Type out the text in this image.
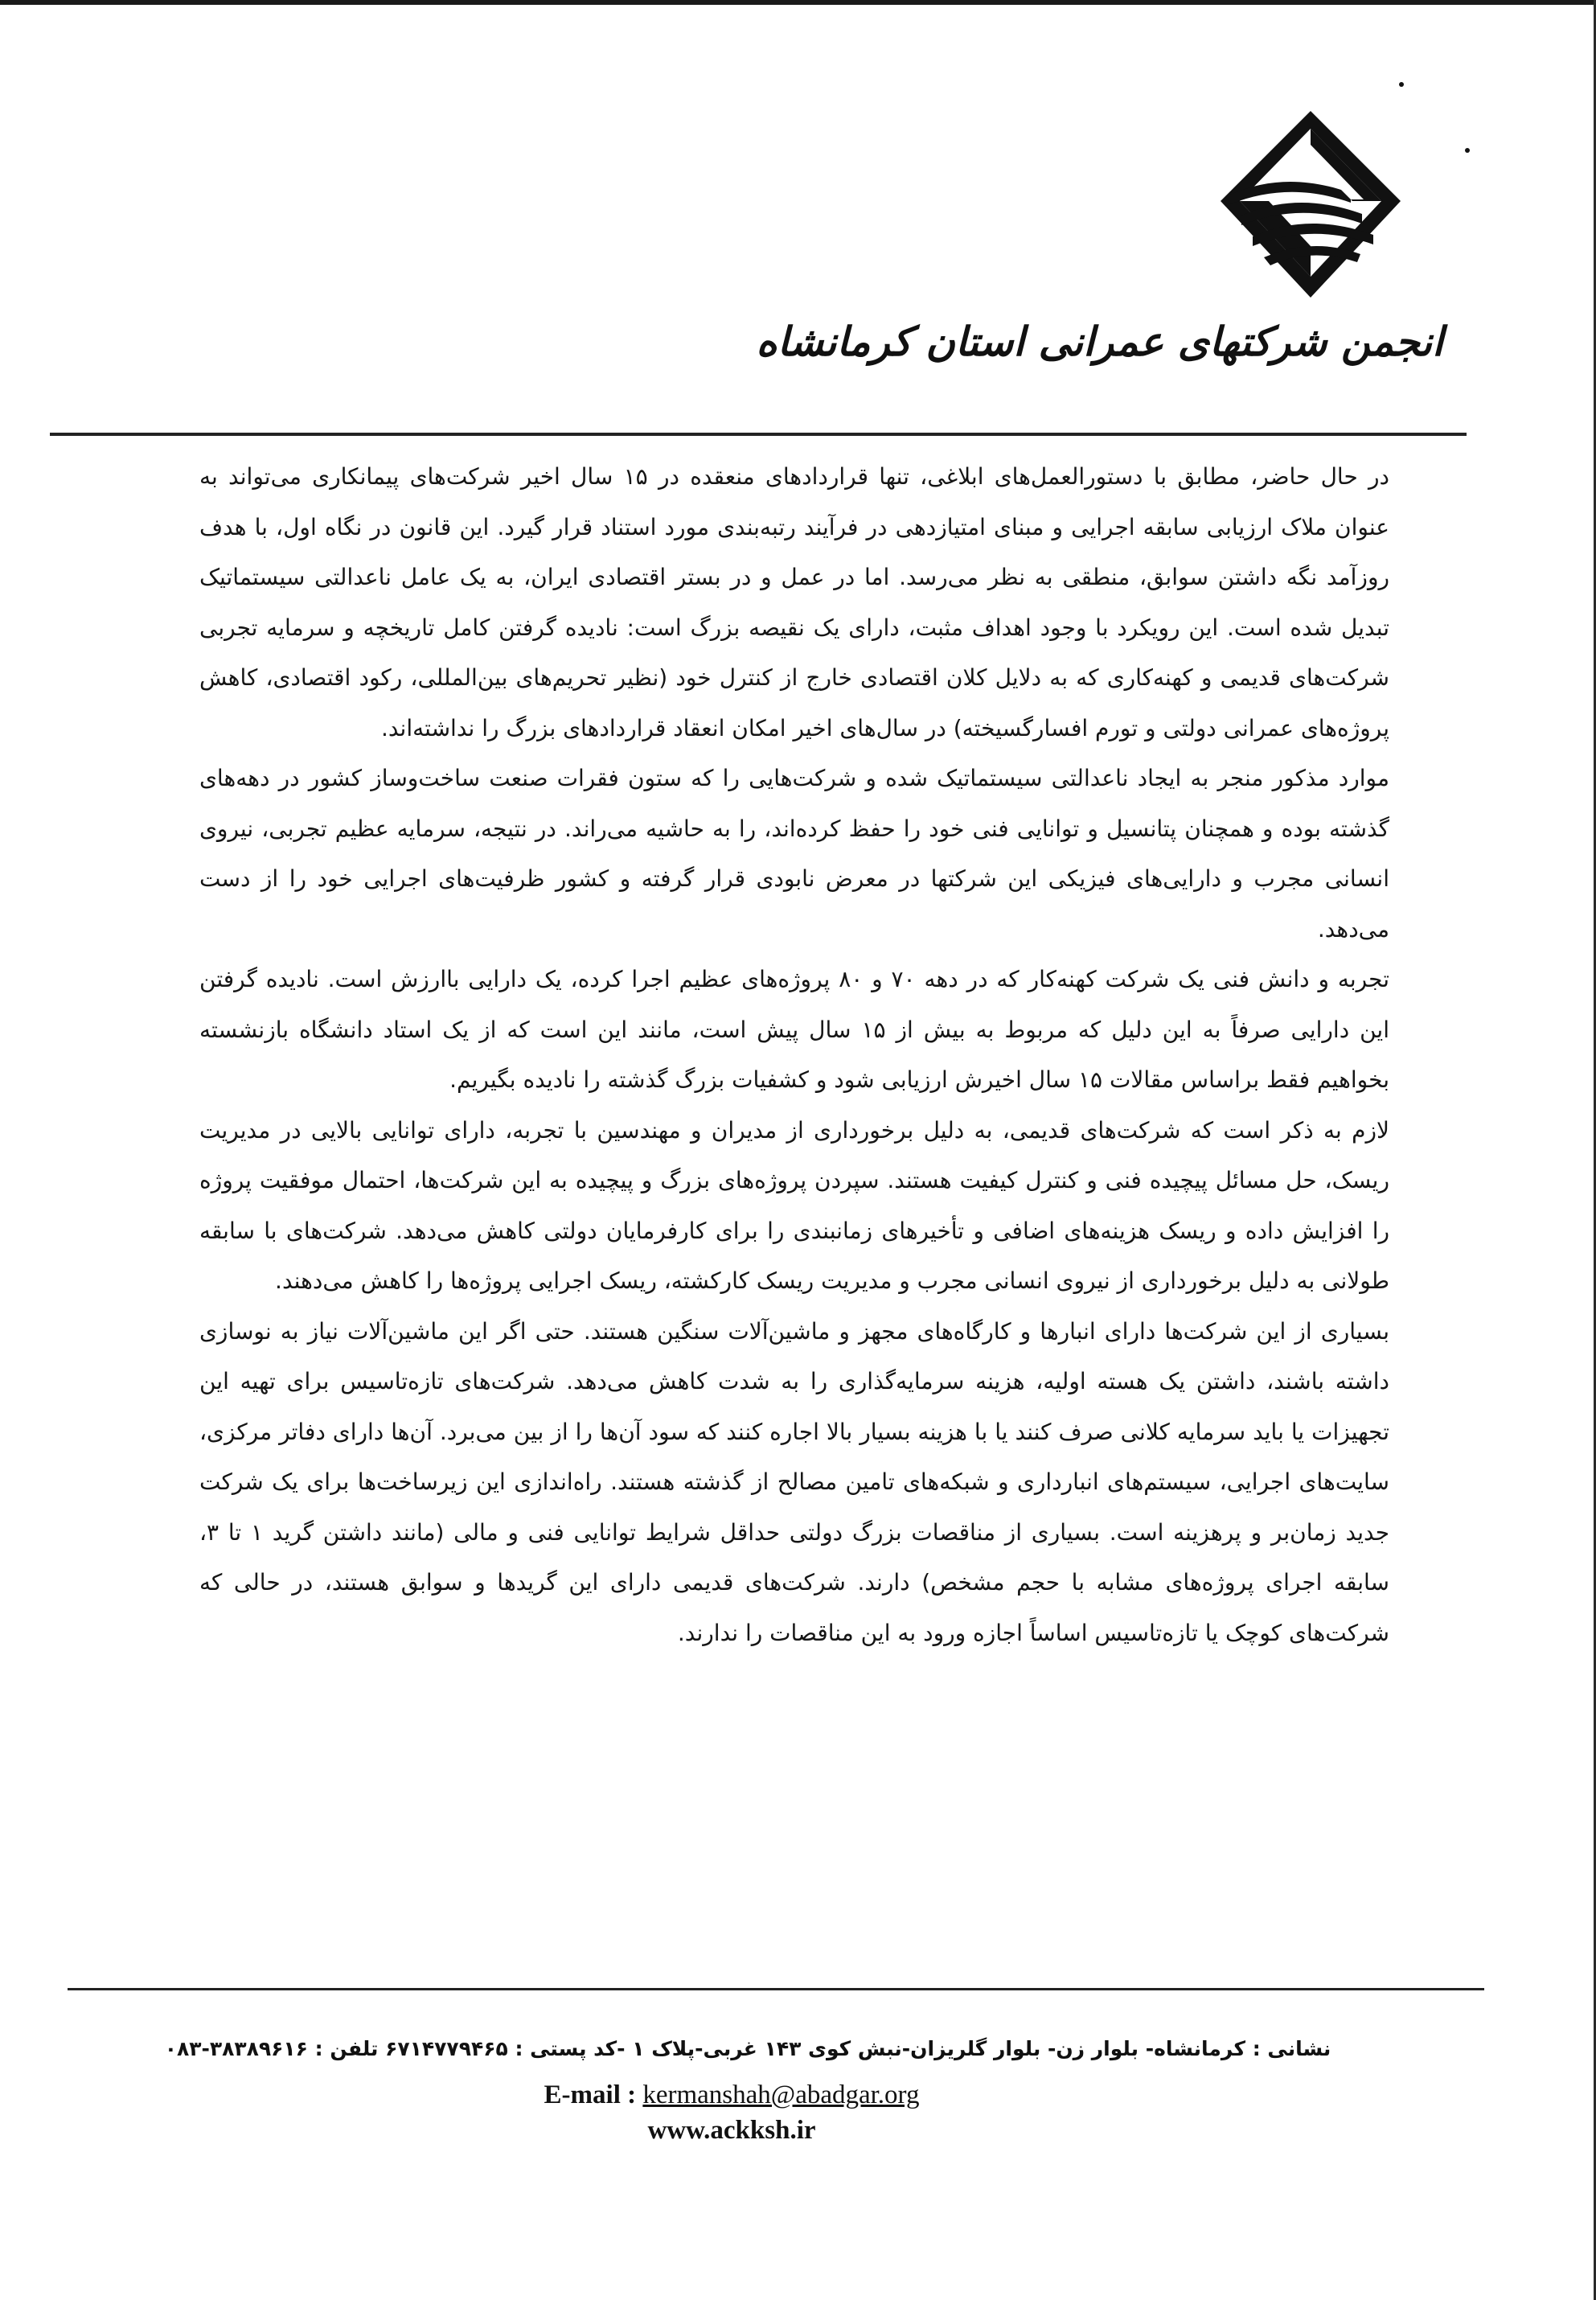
انجمن شرکتهای عمرانی استان کرمانشاه

در حال حاضر، مطابق با دستورالعمل‌های ابلاغی، تنها قراردادهای منعقده در ۱۵ سال اخیر شرکت‌های پیمانکاری می‌تواند به عنوان ملاک ارزیابی سابقه اجرایی و مبنای امتیازدهی در فرآیند رتبه‌بندی مورد استناد قرار گیرد. این قانون در نگاه اول، با هدف روزآمد نگه داشتن سوابق، منطقی به نظر می‌رسد. اما در عمل و در بستر اقتصادی ایران، به یک عامل ناعدالتی سیستماتیک تبدیل شده است. این رویکرد با وجود اهداف مثبت، دارای یک نقیصه بزرگ است: نادیده گرفتن کامل تاریخچه و سرمایه تجربی شرکت‌های قدیمی و کهنه‌کاری که به دلایل کلان اقتصادی خارج از کنترل خود (نظیر تحریم‌های بین‌المللی، رکود اقتصادی، کاهش پروژه‌های عمرانی دولتی و تورم افسارگسیخته) در سال‌های اخیر امکان انعقاد قراردادهای بزرگ را نداشته‌اند.

موارد مذکور منجر به ایجاد ناعدالتی سیستماتیک شده و شرکت‌هایی را که ستون فقرات صنعت ساخت‌وساز کشور در دهه‌های گذشته بوده و همچنان پتانسیل و توانایی فنی خود را حفظ کرده‌اند، را به حاشیه می‌راند. در نتیجه، سرمایه عظیم تجربی، نیروی انسانی مجرب و دارایی‌های فیزیکی این شرکتها در معرض نابودی قرار گرفته و کشور ظرفیت‌های اجرایی خود را از دست می‌دهد.

تجربه و دانش فنی یک شرکت کهنه‌کار که در دهه ۷۰ و ۸۰ پروژه‌های عظیم اجرا کرده، یک دارایی باارزش است. نادیده گرفتن این دارایی صرفاً به این دلیل که مربوط به بیش از ۱۵ سال پیش است، مانند این است که از یک استاد دانشگاه بازنشسته بخواهیم فقط براساس مقالات ۱۵ سال اخیرش ارزیابی شود و کشفیات بزرگ گذشته را نادیده بگیریم.

لازم به ذکر است که شرکت‌های قدیمی، به دلیل برخورداری از مدیران و مهندسین با تجربه، دارای توانایی بالایی در مدیریت ریسک، حل مسائل پیچیده فنی و کنترل کیفیت هستند. سپردن پروژه‌های بزرگ و پیچیده به این شرکت‌ها، احتمال موفقیت پروژه را افزایش داده و ریسک هزینه‌های اضافی و تأخیرهای زمانبندی را برای کارفرمایان دولتی کاهش می‌دهد. شرکت‌های با سابقه طولانی به دلیل برخورداری از نیروی انسانی مجرب و مدیریت ریسک کارکشته، ریسک اجرایی پروژه‌ها را کاهش می‌دهند.

بسیاری از این شرکت‌ها دارای انبارها و کارگاه‌های مجهز و ماشین‌آلات سنگین هستند. حتی اگر این ماشین‌آلات نیاز به نوسازی داشته باشند، داشتن یک هسته اولیه، هزینه سرمایه‌گذاری را به شدت کاهش می‌دهد. شرکت‌های تازه‌تاسیس برای تهیه این تجهیزات یا باید سرمایه کلانی صرف کنند یا با هزینه بسیار بالا اجاره کنند که سود آن‌ها را از بین می‌برد. آن‌ها دارای دفاتر مرکزی، سایت‌های اجرایی، سیستم‌های انبارداری و شبکه‌های تامین مصالح از گذشته هستند. راه‌اندازی این زیرساخت‌ها برای یک شرکت جدید زمان‌بر و پرهزینه است. بسیاری از مناقصات بزرگ دولتی حداقل شرایط توانایی فنی و مالی (مانند داشتن گرید ۱ تا ۳، سابقه اجرای پروژه‌های مشابه با حجم مشخص) دارند. شرکت‌های قدیمی دارای این گریدها و سوابق هستند، در حالی که شرکت‌های کوچک یا تازه‌تاسیس اساساً اجازه ورود به این مناقصات را ندارند.

نشانی : کرمانشاه- بلوار زن- بلوار گلریزان-نبش کوی ۱۴۳ غربی-پلاک ۱ -کد پستی : ۶۷۱۴۷۷۹۴۶۵ تلفن : ۳۸۳۸۹۶۱۶-۰۸۳
E-mail : kermanshah@abadgar.org
www.ackksh.ir
